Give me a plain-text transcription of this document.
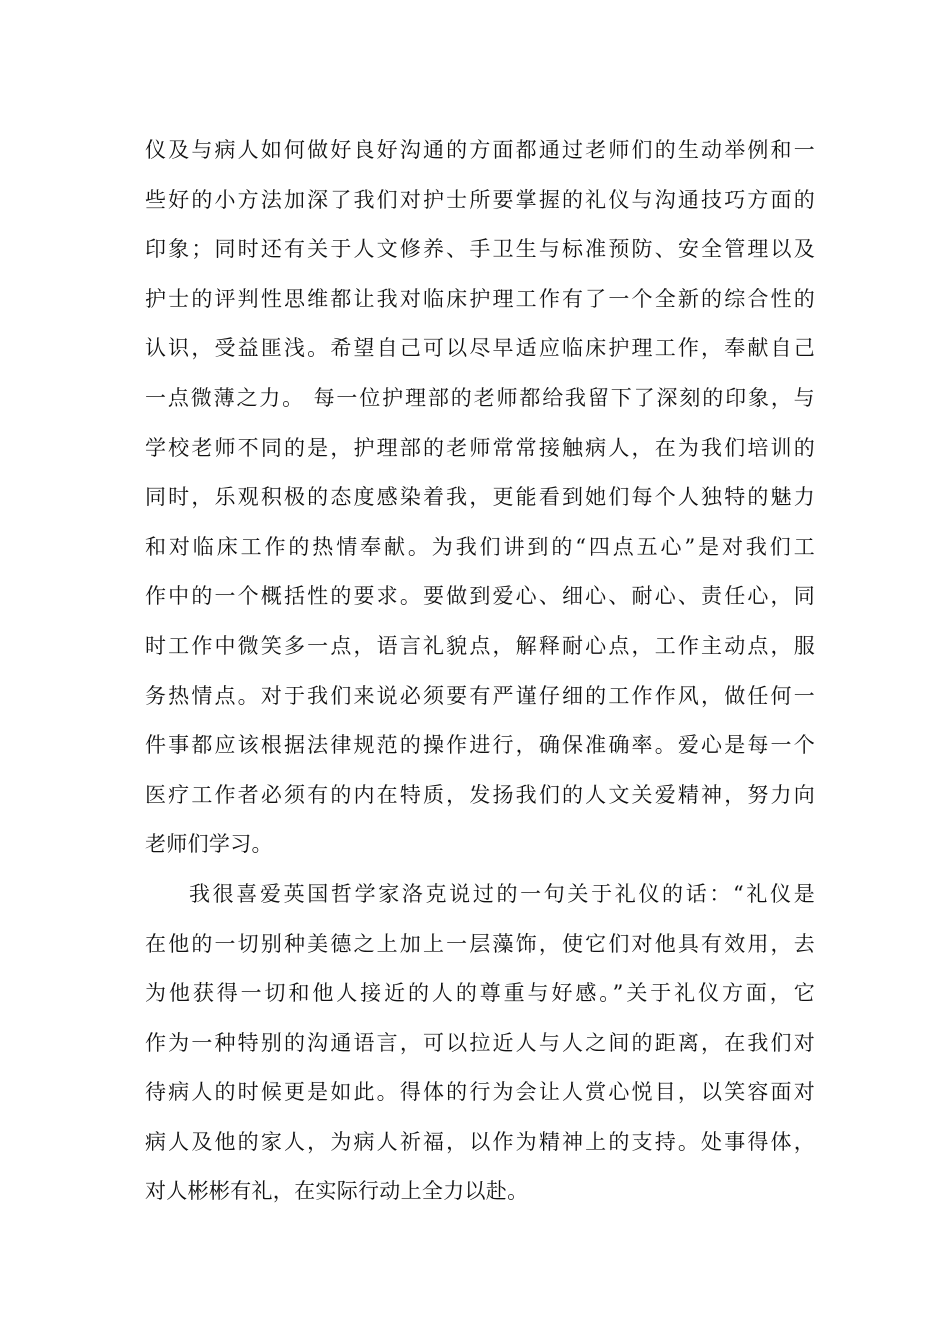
仪及与病人如何做好良好沟通的方面都通过老师们的生动举例和一
些好的小方法加深了我们对护士所要掌握的礼仪与沟通技巧方面的
印象；同时还有关于人文修养、手卫生与标准预防、安全管理以及
护士的评判性思维都让我对临床护理工作有了一个全新的综合性的
认识，受益匪浅。希望自己可以尽早适应临床护理工作，奉献自己
一点微薄之力。 每一位护理部的老师都给我留下了深刻的印象，与
学校老师不同的是，护理部的老师常常接触病人，在为我们培训的
同时，乐观积极的态度感染着我，更能看到她们每个人独特的魅力
和对临床工作的热情奉献。为我们讲到的“四点五心”是对我们工
作中的一个概括性的要求。要做到爱心、细心、耐心、责任心，同
时工作中微笑多一点，语言礼貌点，解释耐心点，工作主动点，服
务热情点。对于我们来说必须要有严谨仔细的工作作风，做任何一
件事都应该根据法律规范的操作进行，确保准确率。爱心是每一个
医疗工作者必须有的内在特质，发扬我们的人文关爱精神，努力向
老师们学习。
我很喜爱英国哲学家洛克说过的一句关于礼仪的话：“礼仪是
在他的一切别种美德之上加上一层藻饰，使它们对他具有效用，去
为他获得一切和他人接近的人的尊重与好感。”关于礼仪方面，它
作为一种特别的沟通语言，可以拉近人与人之间的距离，在我们对
待病人的时候更是如此。得体的行为会让人赏心悦目，以笑容面对
病人及他的家人，为病人祈福，以作为精神上的支持。处事得体，
对人彬彬有礼，在实际行动上全力以赴。
